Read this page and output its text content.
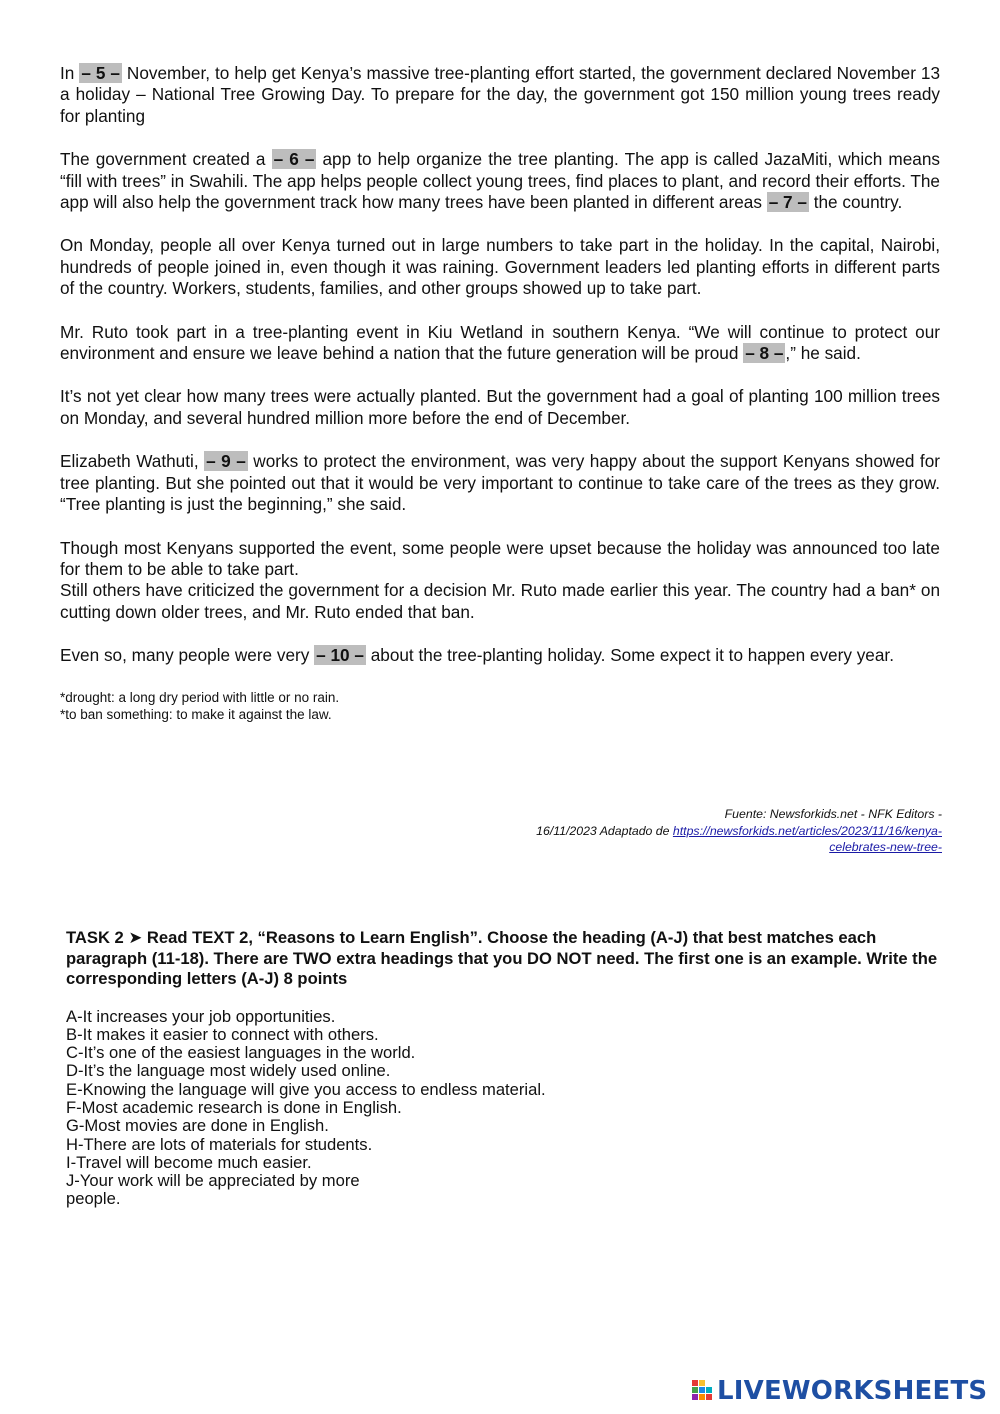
In – 5 – November, to help get Kenya’s massive tree-planting effort started, the government declared November 13 a holiday – National Tree Growing Day. To prepare for the day, the government got 150 million young trees ready for planting

The government created a – 6 – app to help organize the tree planting. The app is called JazaMiti, which means “fill with trees” in Swahili. The app helps people collect young trees, find places to plant, and record their efforts. The app will also help the government track how many trees have been planted in different areas – 7 – the country.

On Monday, people all over Kenya turned out in large numbers to take part in the holiday. In the capital, Nairobi, hundreds of people joined in, even though it was raining. Government leaders led planting efforts in different parts of the country. Workers, students, families, and other groups showed up to take part.

Mr. Ruto took part in a tree-planting event in Kiu Wetland in southern Kenya. “We will continue to protect our environment and ensure we leave behind a nation that the future generation will be proud – 8 – ,” he said.

It’s not yet clear how many trees were actually planted. But the government had a goal of planting 100 million trees on Monday, and several hundred million more before the end of December.

Elizabeth Wathuti, – 9 – works to protect the environment, was very happy about the support Kenyans showed for tree planting. But she pointed out that it would be very important to continue to take care of the trees as they grow. “Tree planting is just the beginning,” she said.

Though most Kenyans supported the event, some people were upset because the holiday was announced too late for them to be able to take part.

Still others have criticized the government for a decision Mr. Ruto made earlier this year. The country had a ban* on cutting down older trees, and Mr. Ruto ended that ban.

Even so, many people were very – 10 – about the tree-planting holiday. Some expect it to happen every year.

*drought: a long dry period with little or no rain.
*to ban something: to make it against the law.
Fuente: Newsforkids.net - NFK Editors -
16/11/2023 Adaptado de https://newsforkids.net/articles/2023/11/16/kenya-
celebrates-new-tree-

TASK 2 ➤ Read TEXT 2, “Reasons to Learn English”. Choose the heading (A-J) that best matches each paragraph (11-18). There are TWO extra headings that you DO NOT need. The first one is an example. Write the corresponding letters (A-J) 8 points

A-It increases your job opportunities.

B-It makes it easier to connect with others.

C-It’s one of the easiest languages in the world.

D-It’s the language most widely used online.

E-Knowing the language will give you access to endless material.

F-Most academic research is done in English.

G-Most movies are done in English.

H-There are lots of materials for students.

I-Travel will become much easier.

J-Your work will be appreciated by more people.

LIVEWORKSHEETS
